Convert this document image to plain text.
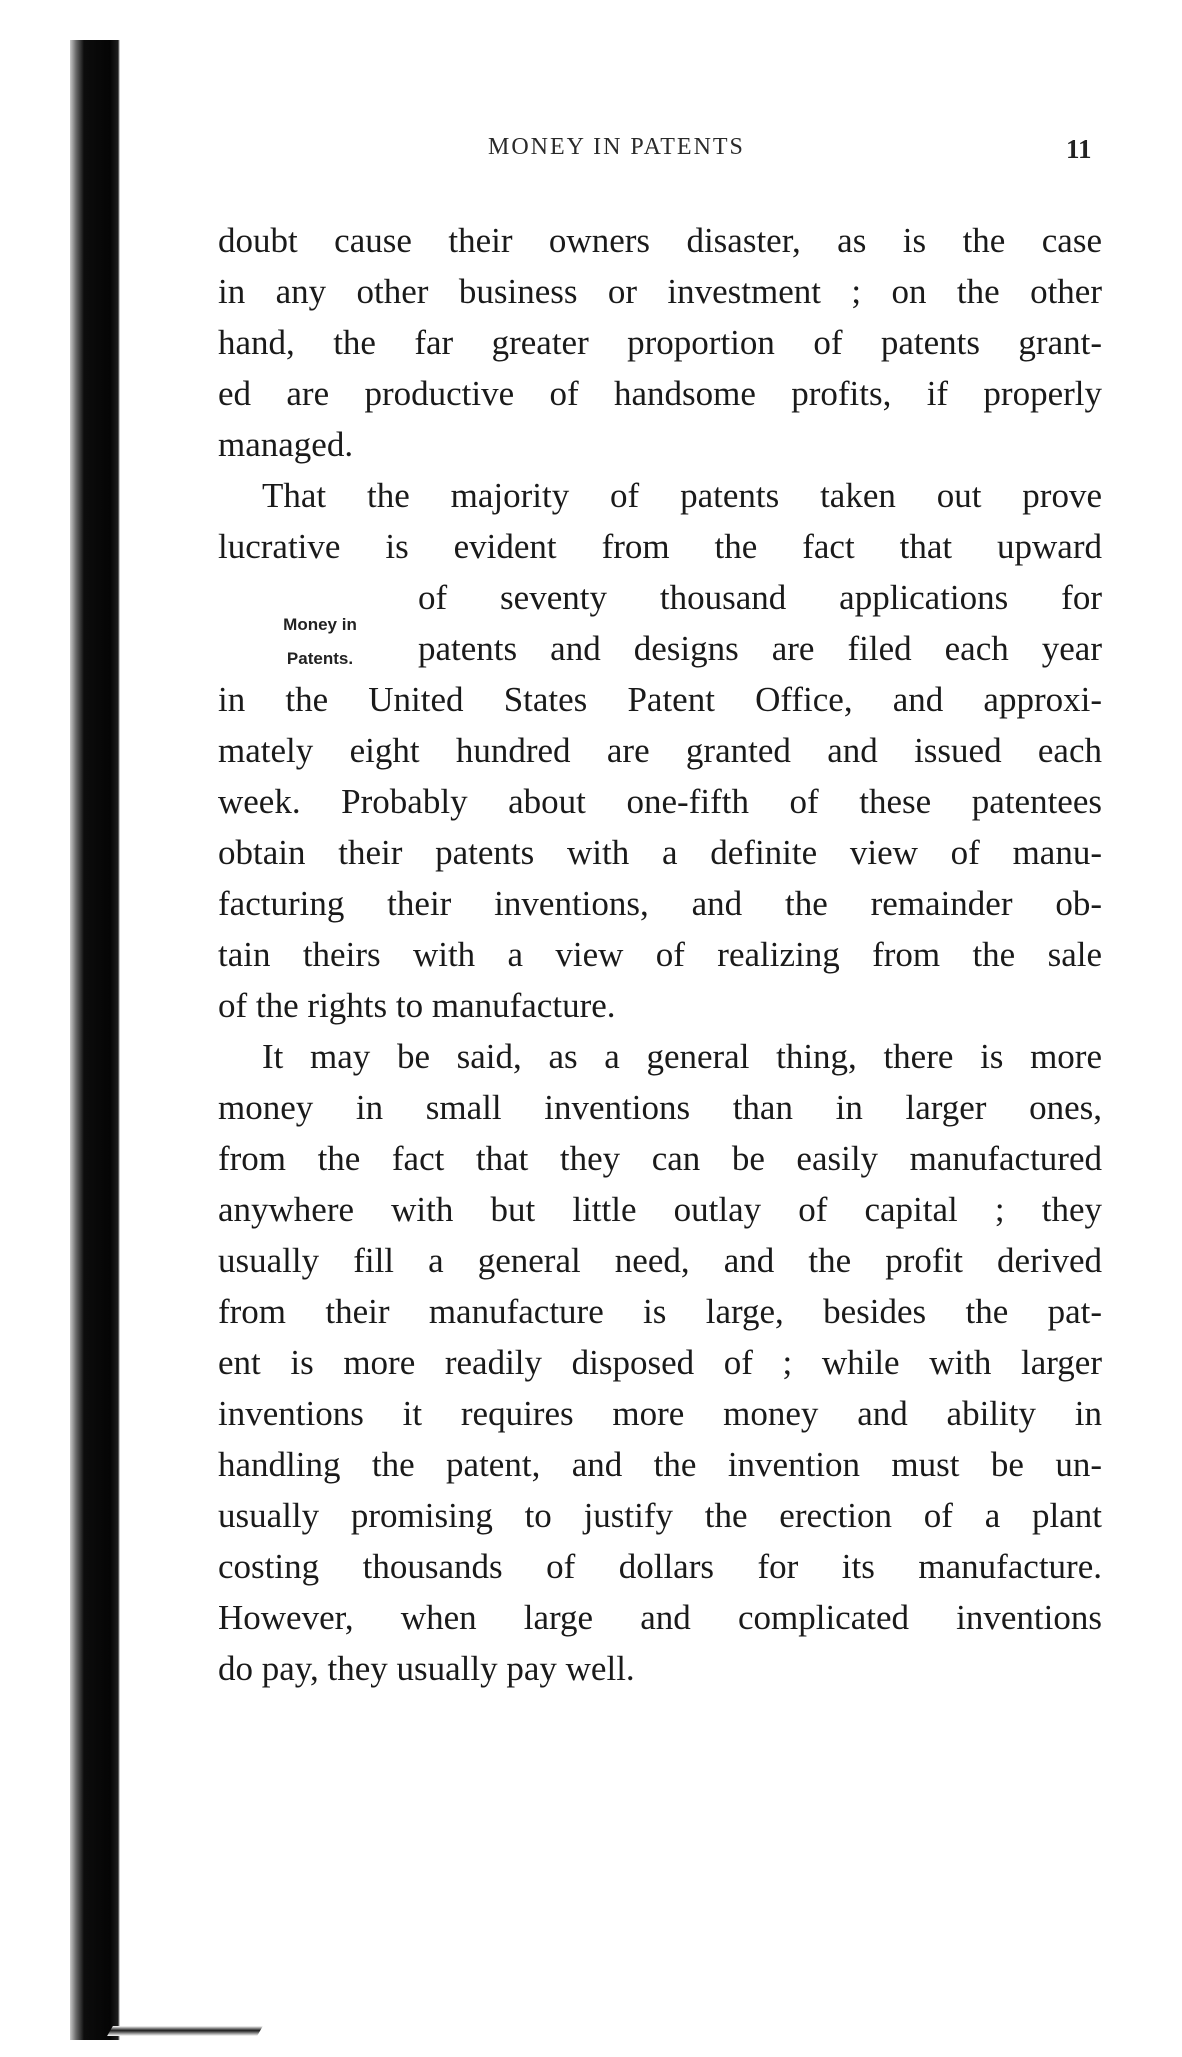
MONEY IN PATENTS	11
Money in
Patents.
doubt cause their owners disaster, as is the case
in any other business or investment ; on the other
hand, the far greater proportion of patents grant-
ed are productive of handsome profits, if properly
managed.
That the majority of patents taken out prove
lucrative is evident from the fact that upward
of seventy thousand applications for
patents and designs are filed each year
in the United States Patent Office, and approxi-
mately eight hundred are granted and issued each
week. Probably about one-fifth of these patentees
obtain their patents with a definite view of manu-
facturing their inventions, and the remainder ob-
tain theirs with a view of realizing from the sale
of the rights to manufacture.
It may be said, as a general thing, there is more
money in small inventions than in larger ones,
from the fact that they can be easily manufactured
anywhere with but little outlay of capital ; they
usually fill a general need, and the profit derived
from their manufacture is large, besides the pat-
ent is more readily disposed of ; while with larger
inventions it requires more money and ability in
handling the patent, and the invention must be un-
usually promising to justify the erection of a plant
costing thousands of dollars for its manufacture.
However, when large and complicated inventions
do pay, they usually pay well.
